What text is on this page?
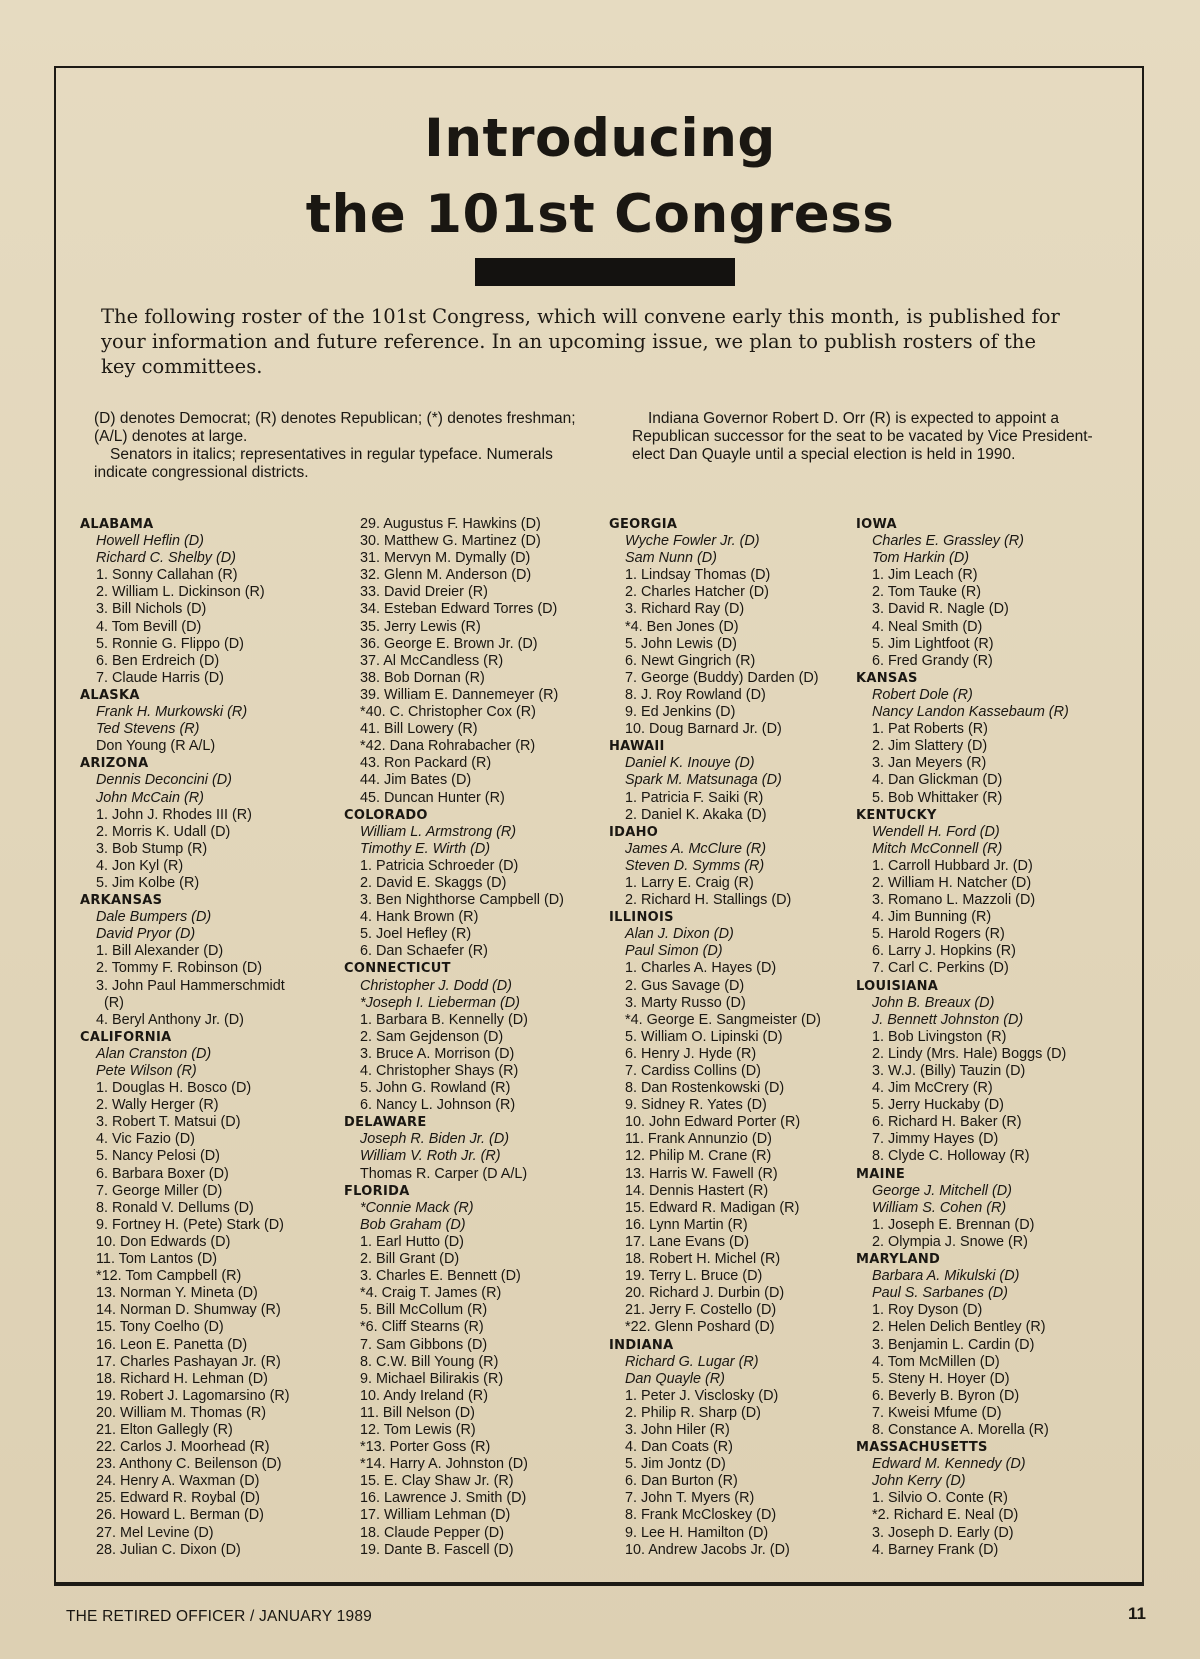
Introducing
the 101st Congress
The following roster of the 101st Congress, which will convene early this month, is published for your information and future reference. In an upcoming issue, we plan to publish rosters of the key committees.

(D) denotes Democrat; (R) denotes Republican; (*) denotes freshman; (A/L) denotes at large.

Senators in italics; representatives in regular typeface. Numerals indicate congressional districts.

Indiana Governor Robert D. Orr (R) is expected to appoint a Republican successor for the seat to be vacated by Vice President-elect Dan Quayle until a special election is held in 1990.

ALABAMA
Howell Heflin (D)
Richard C. Shelby (D)
1. Sonny Callahan (R)
2. William L. Dickinson (R)
3. Bill Nichols (D)
4. Tom Bevill (D)
5. Ronnie G. Flippo (D)
6. Ben Erdreich (D)
7. Claude Harris (D)
ALASKA
Frank H. Murkowski (R)
Ted Stevens (R)
Don Young (R A/L)
ARIZONA
Dennis Deconcini (D)
John McCain (R)
1. John J. Rhodes III (R)
2. Morris K. Udall (D)
3. Bob Stump (R)
4. Jon Kyl (R)
5. Jim Kolbe (R)
ARKANSAS
Dale Bumpers (D)
David Pryor (D)
1. Bill Alexander (D)
2. Tommy F. Robinson (D)
3. John Paul Hammerschmidt (R)
4. Beryl Anthony Jr. (D)
CALIFORNIA
Alan Cranston (D)
Pete Wilson (R)
1. Douglas H. Bosco (D)
2. Wally Herger (R)
3. Robert T. Matsui (D)
4. Vic Fazio (D)
5. Nancy Pelosi (D)
6. Barbara Boxer (D)
7. George Miller (D)
8. Ronald V. Dellums (D)
9. Fortney H. (Pete) Stark (D)
10. Don Edwards (D)
11. Tom Lantos (D)
*12. Tom Campbell (R)
13. Norman Y. Mineta (D)
14. Norman D. Shumway (R)
15. Tony Coelho (D)
16. Leon E. Panetta (D)
17. Charles Pashayan Jr. (R)
18. Richard H. Lehman (D)
19. Robert J. Lagomarsino (R)
20. William M. Thomas (R)
21. Elton Gallegly (R)
22. Carlos J. Moorhead (R)
23. Anthony C. Beilenson (D)
24. Henry A. Waxman (D)
25. Edward R. Roybal (D)
26. Howard L. Berman (D)
27. Mel Levine (D)
28. Julian C. Dixon (D)
29. Augustus F. Hawkins (D)
30. Matthew G. Martinez (D)
31. Mervyn M. Dymally (D)
32. Glenn M. Anderson (D)
33. David Dreier (R)
34. Esteban Edward Torres (D)
35. Jerry Lewis (R)
36. George E. Brown Jr. (D)
37. Al McCandless (R)
38. Bob Dornan (R)
39. William E. Dannemeyer (R)
*40. C. Christopher Cox (R)
41. Bill Lowery (R)
*42. Dana Rohrabacher (R)
43. Ron Packard (R)
44. Jim Bates (D)
45. Duncan Hunter (R)
COLORADO
William L. Armstrong (R)
Timothy E. Wirth (D)
1. Patricia Schroeder (D)
2. David E. Skaggs (D)
3. Ben Nighthorse Campbell (D)
4. Hank Brown (R)
5. Joel Hefley (R)
6. Dan Schaefer (R)
CONNECTICUT
Christopher J. Dodd (D)
*Joseph I. Lieberman (D)
1. Barbara B. Kennelly (D)
2. Sam Gejdenson (D)
3. Bruce A. Morrison (D)
4. Christopher Shays (R)
5. John G. Rowland (R)
6. Nancy L. Johnson (R)
DELAWARE
Joseph R. Biden Jr. (D)
William V. Roth Jr. (R)
Thomas R. Carper (D A/L)
FLORIDA
*Connie Mack (R)
Bob Graham (D)
1. Earl Hutto (D)
2. Bill Grant (D)
3. Charles E. Bennett (D)
*4. Craig T. James (R)
5. Bill McCollum (R)
*6. Cliff Stearns (R)
7. Sam Gibbons (D)
8. C.W. Bill Young (R)
9. Michael Bilirakis (R)
10. Andy Ireland (R)
11. Bill Nelson (D)
12. Tom Lewis (R)
*13. Porter Goss (R)
*14. Harry A. Johnston (D)
15. E. Clay Shaw Jr. (R)
16. Lawrence J. Smith (D)
17. William Lehman (D)
18. Claude Pepper (D)
19. Dante B. Fascell (D)
GEORGIA
Wyche Fowler Jr. (D)
Sam Nunn (D)
1. Lindsay Thomas (D)
2. Charles Hatcher (D)
3. Richard Ray (D)
*4. Ben Jones (D)
5. John Lewis (D)
6. Newt Gingrich (R)
7. George (Buddy) Darden (D)
8. J. Roy Rowland (D)
9. Ed Jenkins (D)
10. Doug Barnard Jr. (D)
HAWAII
Daniel K. Inouye (D)
Spark M. Matsunaga (D)
1. Patricia F. Saiki (R)
2. Daniel K. Akaka (D)
IDAHO
James A. McClure (R)
Steven D. Symms (R)
1. Larry E. Craig (R)
2. Richard H. Stallings (D)
ILLINOIS
Alan J. Dixon (D)
Paul Simon (D)
1. Charles A. Hayes (D)
2. Gus Savage (D)
3. Marty Russo (D)
*4. George E. Sangmeister (D)
5. William O. Lipinski (D)
6. Henry J. Hyde (R)
7. Cardiss Collins (D)
8. Dan Rostenkowski (D)
9. Sidney R. Yates (D)
10. John Edward Porter (R)
11. Frank Annunzio (D)
12. Philip M. Crane (R)
13. Harris W. Fawell (R)
14. Dennis Hastert (R)
15. Edward R. Madigan (R)
16. Lynn Martin (R)
17. Lane Evans (D)
18. Robert H. Michel (R)
19. Terry L. Bruce (D)
20. Richard J. Durbin (D)
21. Jerry F. Costello (D)
*22. Glenn Poshard (D)
INDIANA
Richard G. Lugar (R)
Dan Quayle (R)
1. Peter J. Visclosky (D)
2. Philip R. Sharp (D)
3. John Hiler (R)
4. Dan Coats (R)
5. Jim Jontz (D)
6. Dan Burton (R)
7. John T. Myers (R)
8. Frank McCloskey (D)
9. Lee H. Hamilton (D)
10. Andrew Jacobs Jr. (D)
IOWA
Charles E. Grassley (R)
Tom Harkin (D)
1. Jim Leach (R)
2. Tom Tauke (R)
3. David R. Nagle (D)
4. Neal Smith (D)
5. Jim Lightfoot (R)
6. Fred Grandy (R)
KANSAS
Robert Dole (R)
Nancy Landon Kassebaum (R)
1. Pat Roberts (R)
2. Jim Slattery (D)
3. Jan Meyers (R)
4. Dan Glickman (D)
5. Bob Whittaker (R)
KENTUCKY
Wendell H. Ford (D)
Mitch McConnell (R)
1. Carroll Hubbard Jr. (D)
2. William H. Natcher (D)
3. Romano L. Mazzoli (D)
4. Jim Bunning (R)
5. Harold Rogers (R)
6. Larry J. Hopkins (R)
7. Carl C. Perkins (D)
LOUISIANA
John B. Breaux (D)
J. Bennett Johnston (D)
1. Bob Livingston (R)
2. Lindy (Mrs. Hale) Boggs (D)
3. W.J. (Billy) Tauzin (D)
4. Jim McCrery (R)
5. Jerry Huckaby (D)
6. Richard H. Baker (R)
7. Jimmy Hayes (D)
8. Clyde C. Holloway (R)
MAINE
George J. Mitchell (D)
William S. Cohen (R)
1. Joseph E. Brennan (D)
2. Olympia J. Snowe (R)
MARYLAND
Barbara A. Mikulski (D)
Paul S. Sarbanes (D)
1. Roy Dyson (D)
2. Helen Delich Bentley (R)
3. Benjamin L. Cardin (D)
4. Tom McMillen (D)
5. Steny H. Hoyer (D)
6. Beverly B. Byron (D)
7. Kweisi Mfume (D)
8. Constance A. Morella (R)
MASSACHUSETTS
Edward M. Kennedy (D)
John Kerry (D)
1. Silvio O. Conte (R)
*2. Richard E. Neal (D)
3. Joseph D. Early (D)
4. Barney Frank (D)
THE RETIRED OFFICER / JANUARY 1989	11
